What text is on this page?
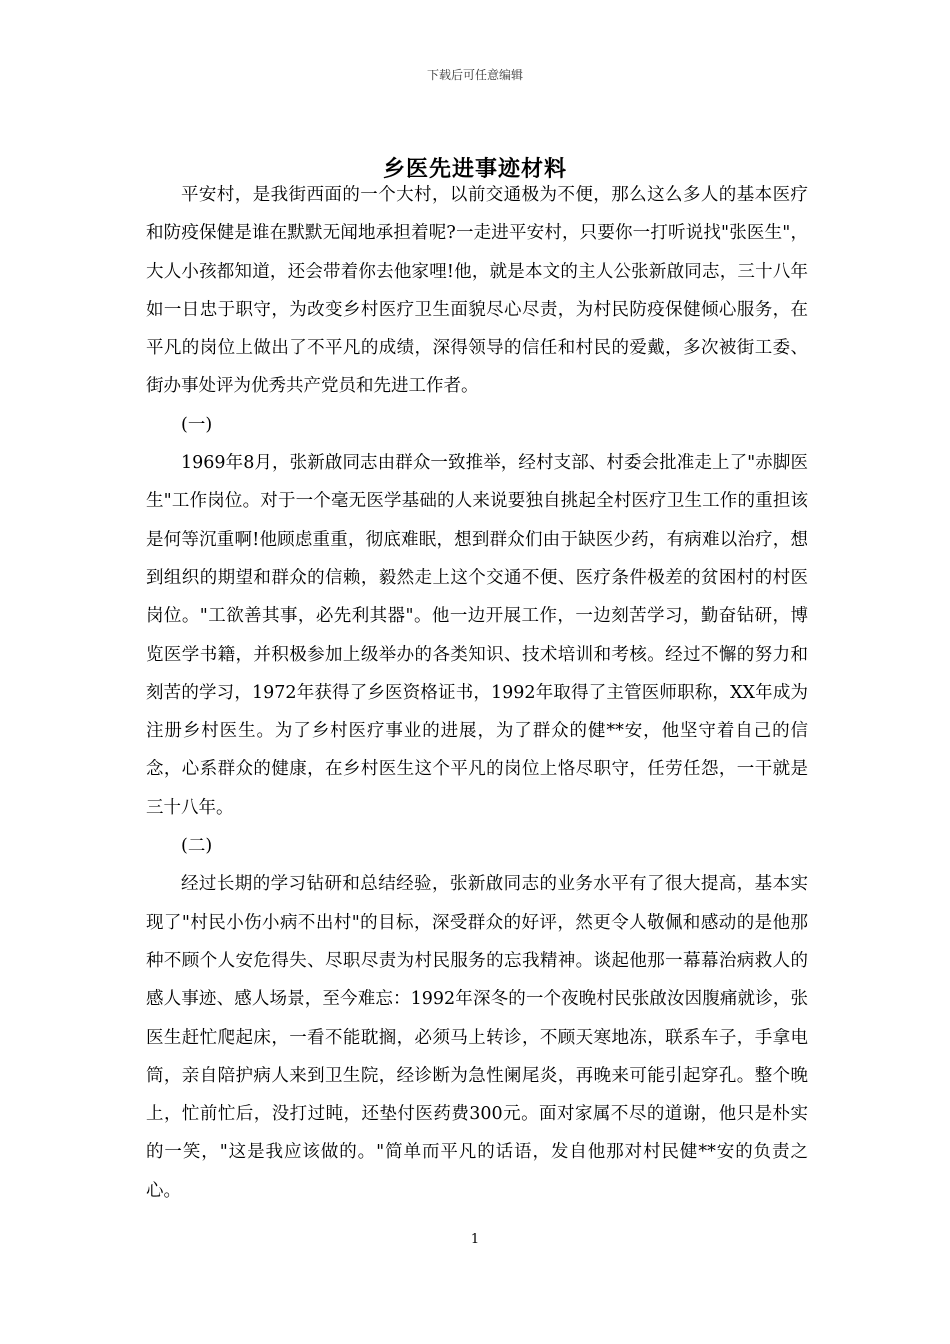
下载后可任意编辑
乡医先进事迹材料

平安村，是我街西面的一个大村，以前交通极为不便，那么这么多人的基本医疗和防疫保健是谁在默默无闻地承担着呢?一走进平安村，只要你一打听说找"张医生"，大人小孩都知道，还会带着你去他家哩!他，就是本文的主人公张新啟同志，三十八年如一日忠于职守，为改变乡村医疗卫生面貌尽心尽责，为村民防疫保健倾心服务，在平凡的岗位上做出了不平凡的成绩，深得领导的信任和村民的爱戴，多次被街工委、街办事处评为优秀共产党员和先进工作者。

(一)

1969年8月，张新啟同志由群众一致推举，经村支部、村委会批准走上了"赤脚医生"工作岗位。对于一个毫无医学基础的人来说要独自挑起全村医疗卫生工作的重担该是何等沉重啊!他顾虑重重，彻底难眠，想到群众们由于缺医少药，有病难以治疗，想到组织的期望和群众的信赖，毅然走上这个交通不便、医疗条件极差的贫困村的村医岗位。"工欲善其事，必先利其器"。他一边开展工作，一边刻苦学习，勤奋钻研，博览医学书籍，并积极参加上级举办的各类知识、技术培训和考核。经过不懈的努力和刻苦的学习，1972年获得了乡医资格证书，1992年取得了主管医师职称，XX年成为注册乡村医生。为了乡村医疗事业的进展，为了群众的健**安，他坚守着自己的信念，心系群众的健康，在乡村医生这个平凡的岗位上恪尽职守，任劳任怨，一干就是三十八年。

(二)

经过长期的学习钻研和总结经验，张新啟同志的业务水平有了很大提高，基本实现了"村民小伤小病不出村"的目标，深受群众的好评，然更令人敬佩和感动的是他那种不顾个人安危得失、尽职尽责为村民服务的忘我精神。谈起他那一幕幕治病救人的感人事迹、感人场景，至今难忘：1992年深冬的一个夜晚村民张啟汝因腹痛就诊，张医生赶忙爬起床，一看不能耽搁，必须马上转诊，不顾天寒地冻，联系车子，手拿电筒，亲自陪护病人来到卫生院，经诊断为急性阑尾炎，再晚来可能引起穿孔。整个晚上，忙前忙后，没打过盹，还垫付医药费300元。面对家属不尽的道谢，他只是朴实的一笑，"这是我应该做的。"简单而平凡的话语，发自他那对村民健**安的负责之心。

1
